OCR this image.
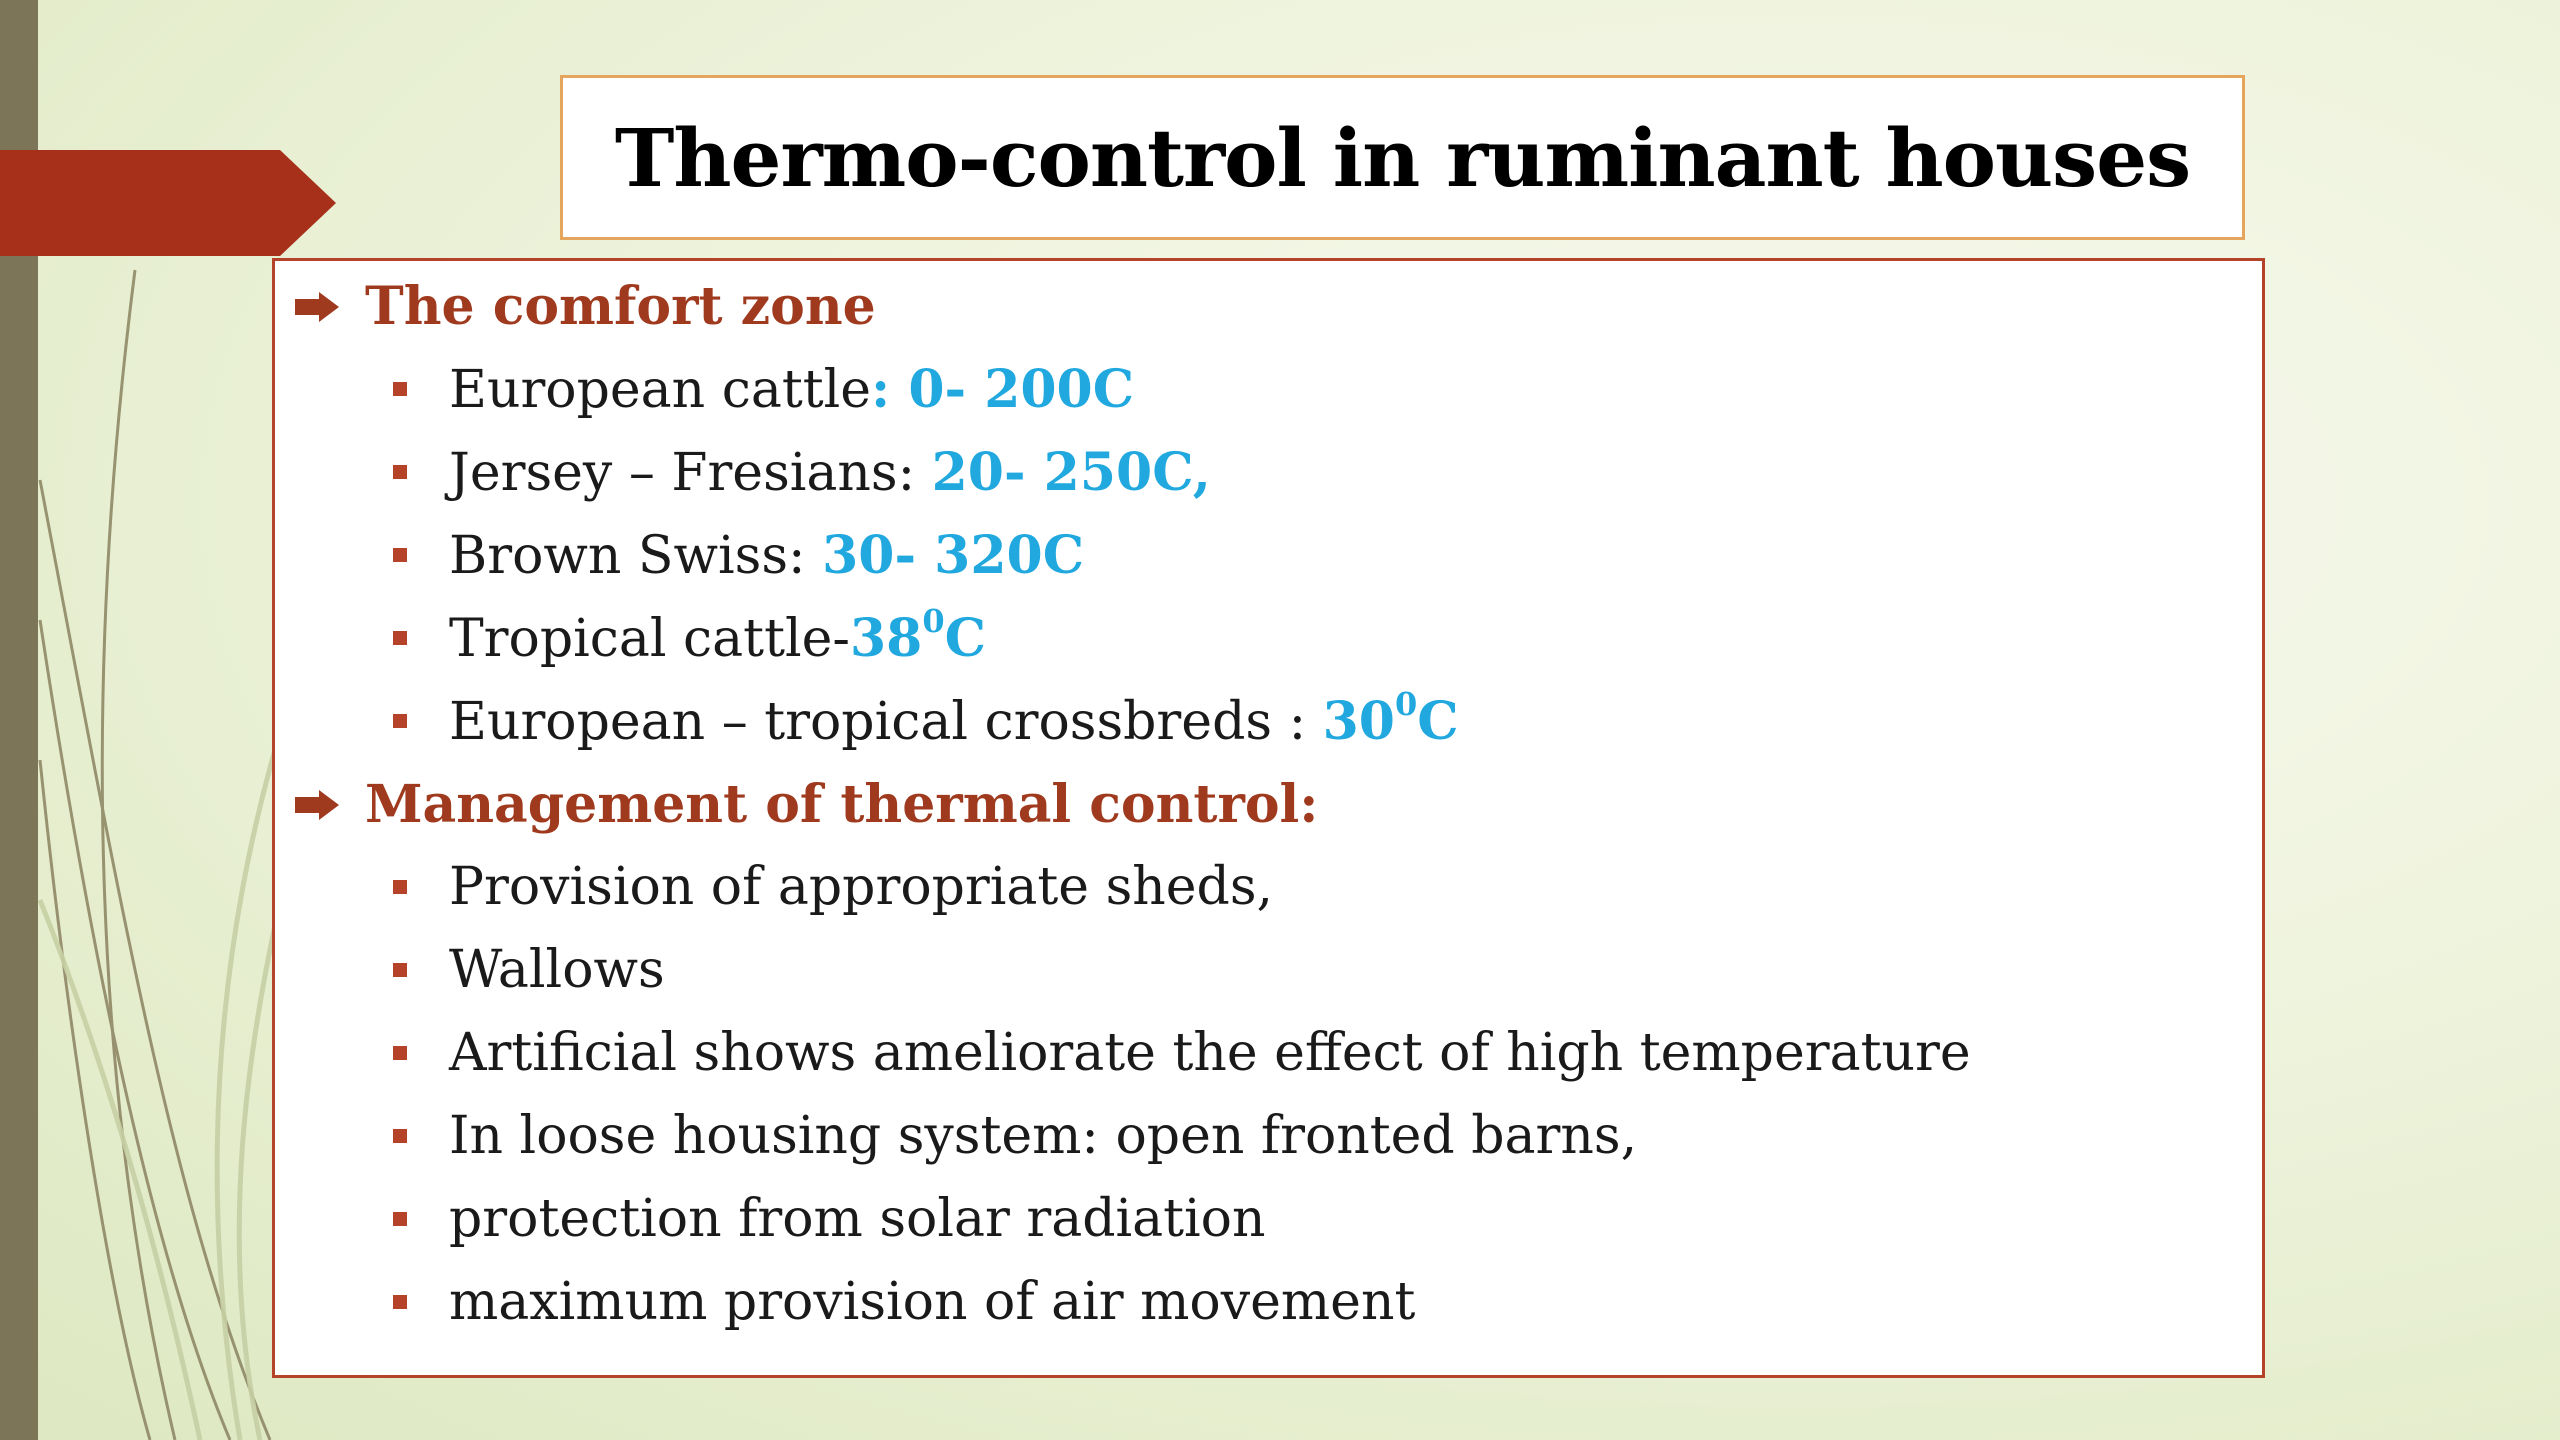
Thermo-control in ruminant houses
The comfort zone
European cattle: 0- 200C
Jersey – Fresians: 20- 250C,
Brown Swiss: 30- 320C
Tropical cattle-$38^0C$
European – tropical crossbreds : $30^0C$
Management of thermal control:
Provision of appropriate sheds,
Wallows
Artificial shows ameliorate the effect of high temperature
In loose housing system: open fronted barns,
protection from solar radiation
maximum provision of air movement
